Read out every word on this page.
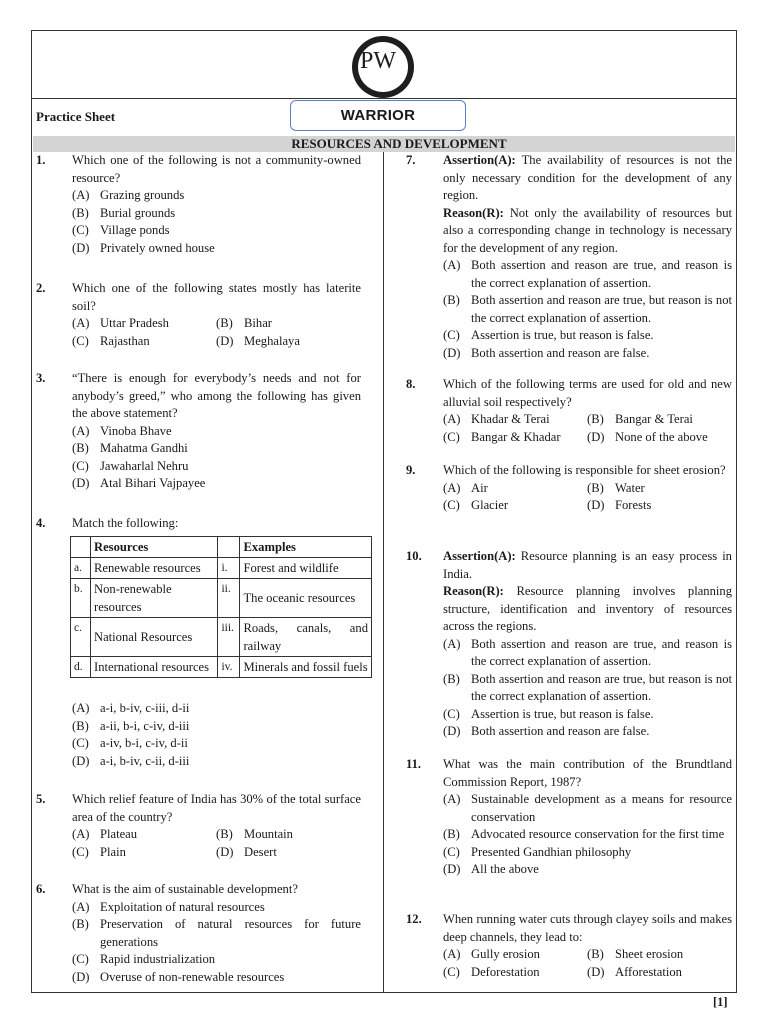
PW
Practice Sheet	WARRIOR
RESOURCES AND DEVELOPMENT
1. Which one of the following is not a community-owned resource?
(A) Grazing grounds
(B) Burial grounds
(C) Village ponds
(D) Privately owned house
2. Which one of the following states mostly has laterite soil?
(A) Uttar Pradesh	(B) Bihar
(C) Rajasthan	(D) Meghalaya
3. “There is enough for everybody’s needs and not for anybody’s greed,” who among the following has given the above statement?
(A) Vinoba Bhave
(B) Mahatma Gandhi
(C) Jawaharlal Nehru
(D) Atal Bihari Vajpayee
4. Match the following:
	Resources		Examples
a.	Renewable resources	i.	Forest and wildlife
b.	Non-renewable resources	ii.	The oceanic resources
c.	National Resources	iii.	Roads, canals, and railway
d.	International resources	iv.	Minerals and fossil fuels
(A) a-i, b-iv, c-iii, d-ii
(B) a-ii, b-i, c-iv, d-iii
(C) a-iv, b-i, c-iv, d-ii
(D) a-i, b-iv, c-ii, d-iii
5. Which relief feature of India has 30% of the total surface area of the country?
(A) Plateau	(B) Mountain
(C) Plain	(D) Desert
6. What is the aim of sustainable development?
(A) Exploitation of natural resources
(B) Preservation of natural resources for future generations
(C) Rapid industrialization
(D) Overuse of non-renewable resources
7. Assertion(A): The availability of resources is not the only necessary condition for the development of any region.
Reason(R): Not only the availability of resources but also a corresponding change in technology is necessary for the development of any region.
(A) Both assertion and reason are true, and reason is the correct explanation of assertion.
(B) Both assertion and reason are true, but reason is not the correct explanation of assertion.
(C) Assertion is true, but reason is false.
(D) Both assertion and reason are false.
8. Which of the following terms are used for old and new alluvial soil respectively?
(A) Khadar & Terai	(B) Bangar & Terai
(C) Bangar & Khadar (D) None of the above
9. Which of the following is responsible for sheet erosion?
(A) Air	(B) Water
(C) Glacier	(D) Forests
10. Assertion(A): Resource planning is an easy process in India.
Reason(R): Resource planning involves planning structure, identification and inventory of resources across the regions.
(A) Both assertion and reason are true, and reason is the correct explanation of assertion.
(B) Both assertion and reason are true, but reason is not the correct explanation of assertion.
(C) Assertion is true, but reason is false.
(D) Both assertion and reason are false.
11. What was the main contribution of the Brundtland Commission Report, 1987?
(A) Sustainable development as a means for resource conservation
(B) Advocated resource conservation for the first time
(C) Presented Gandhian philosophy
(D) All the above
12. When running water cuts through clayey soils and makes deep channels, they lead to:
(A) Gully erosion	(B) Sheet erosion
(C) Deforestation	(D) Afforestation
[1]
